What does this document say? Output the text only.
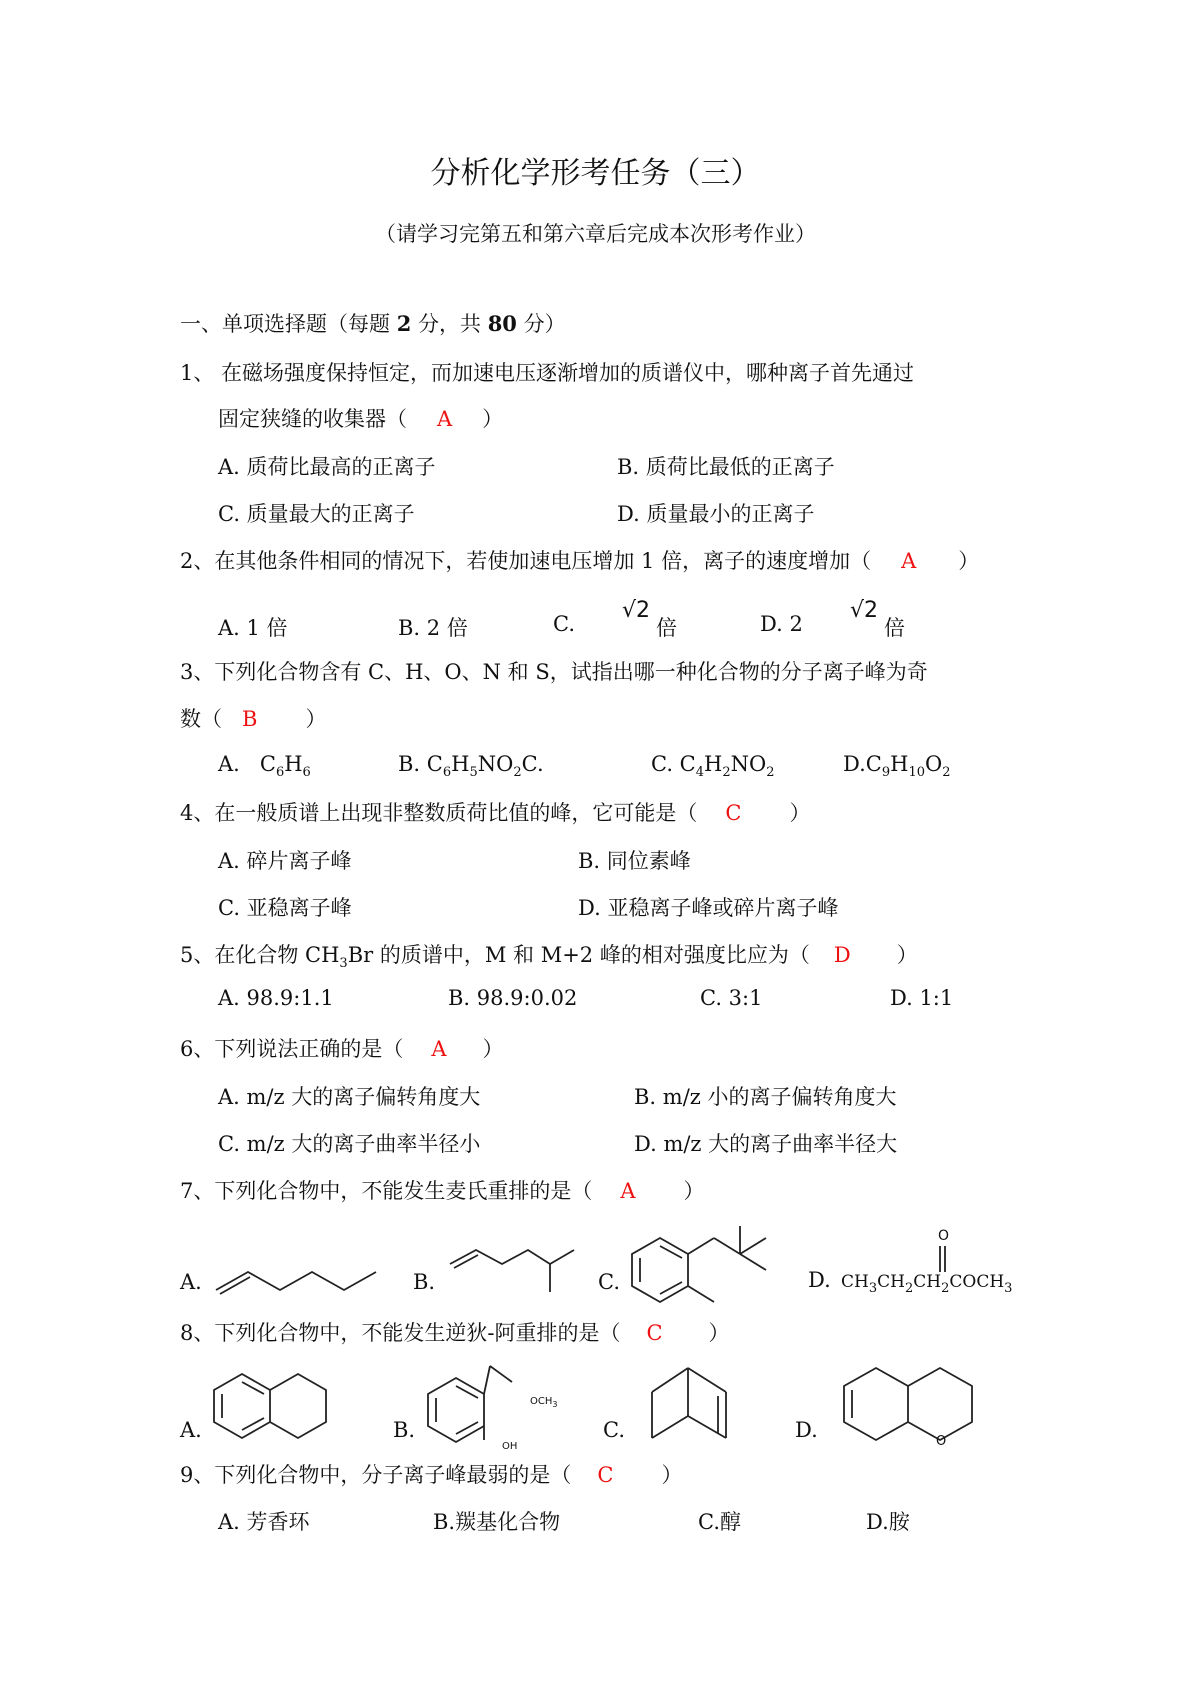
分析化学形考任务（三）
（请学习完第五和第六章后完成本次形考作业）
一、单项选择题（每题 2 分，共 80 分）
1、 在磁场强度保持恒定，而加速电压逐渐增加的质谱仪中，哪种离子首先通过
固定狭缝的收集器（ A ）
A. 质荷比最高的正离子	B. 质荷比最低的正离子
C. 质量最大的正离子	D. 质量最小的正离子
2、在其他条件相同的情况下，若使加速电压增加 1 倍，离子的速度增加（ A ）
A. 1 倍	B. 2 倍	C.
√2
倍	D. 2
√2
倍
3、下列化合物含有 C、H、O、N 和 S，试指出哪一种化合物的分子离子峰为奇
数（ B ）
A.   $C_6H_6$	B. $C_6H_5NO_2C$.	C. $C_4H_2NO_2$	$D.C_9H_{10}O_2$
4、在一般质谱上出现非整数质荷比值的峰，它可能是（ C ）
A. 碎片离子峰	B. 同位素峰
C. 亚稳离子峰	D. 亚稳离子峰或碎片离子峰
5、在化合物 $CH_3Br$ 的质谱中，M 和 M+2 峰的相对强度比应为（ D ）
A. 98.9:1.1	B. 98.9:0.02	C. 3:1	D. 1:1
6、下列说法正确的是（ A ）
A. m/z 大的离子偏转角度大	B. m/z 小的离子偏转角度大
C. m/z 大的离子曲率半径小	D. m/z 大的离子曲率半径大
7、下列化合物中，不能发生麦氏重排的是（ A ）
A.	B.	C.	D. $CH_3CH_2CH_2COCH_3$
O
8、下列化合物中，不能发生逆狄-阿重排的是（ C ）
A.	B.
$OCH_3$
OH
C.	D.	O
9、下列化合物中，分子离子峰最弱的是（ C ）
A. 芳香环	B.羰基化合物	C.醇	D.胺
